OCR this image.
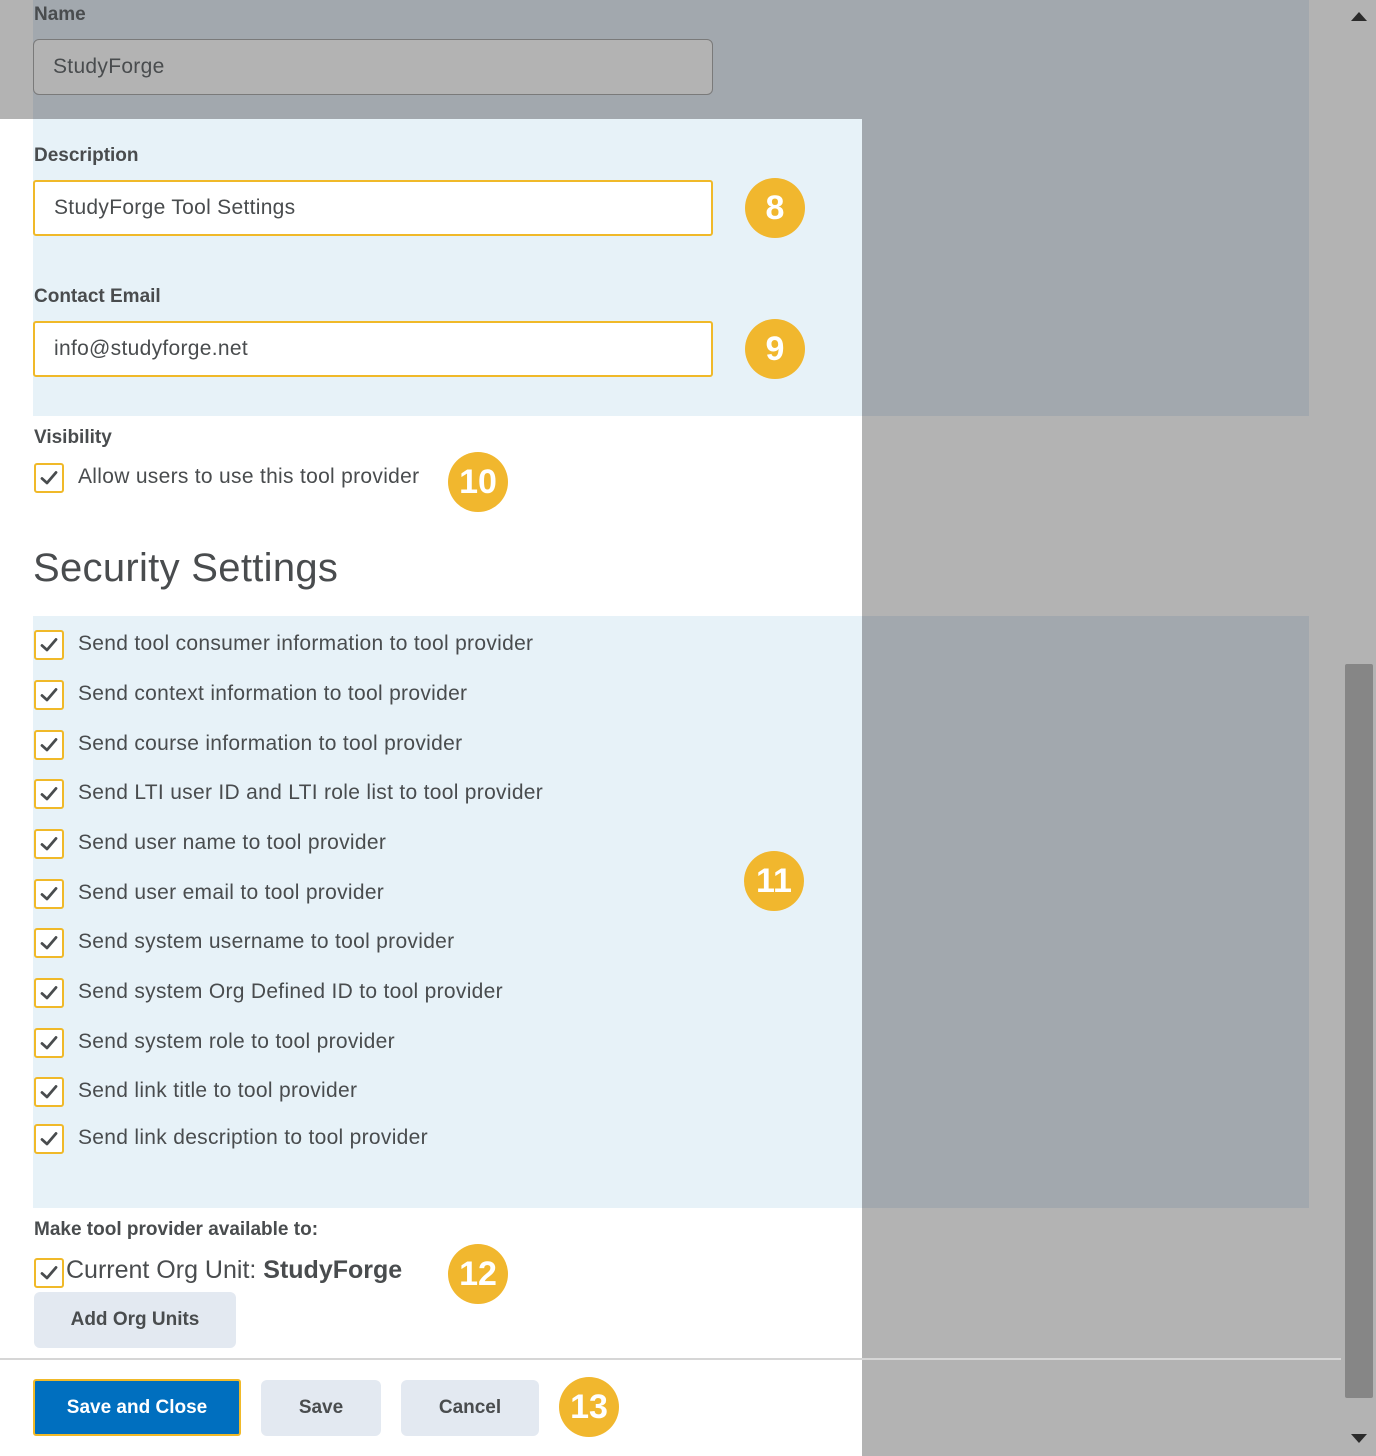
Name
StudyForge
Description
StudyForge Tool Settings	8
Contact Email
info@studyforge.net	9
Visibility
Allow users to use this tool provider	10
Security Settings
Send tool consumer information to tool provider
Send context information to tool provider
Send course information to tool provider
Send LTI user ID and LTI role list to tool provider
Send user name to tool provider
Send user email to tool provider
Send system username to tool provider
Send system Org Defined ID to tool provider
Send system role to tool provider
Send link title to tool provider
Send link description to tool provider
11
Make tool provider available to:
Current Org Unit: StudyForge	12
Add Org Units
Save and Close	Save	Cancel	13
